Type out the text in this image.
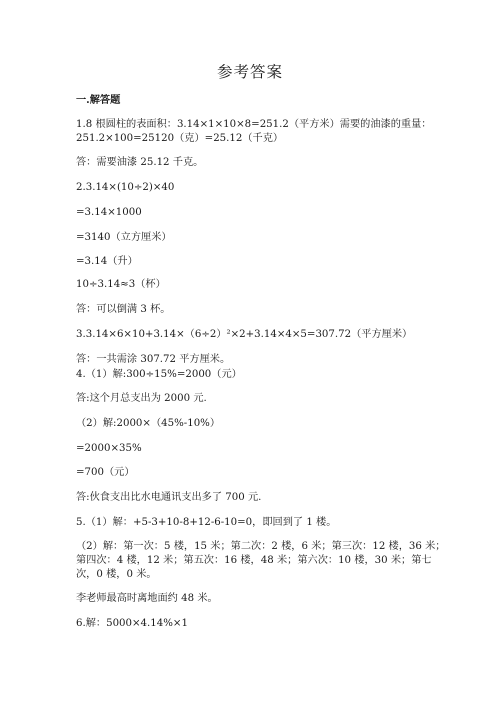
参考答案
一.解答题
1.8 根圆柱的表面积：3.14×1×10×8=251.2（平方米）需要的油漆的重量：
251.2×100=25120（克）=25.12（千克）
答：需要油漆 25.12 千克。
2.3.14×(10÷2)×40
=3.14×1000
=3140（立方厘米）
=3.14（升）
10÷3.14≈3（杯）
答：可以倒满 3 杯。
3.3.14×6×10+3.14×（6÷2）²×2+3.14×4×5=307.72（平方厘米）
答：一共需涂 307.72 平方厘米。
4.（1）解:300÷15%=2000（元）
答:这个月总支出为 2000 元.
（2）解:2000×（45%-10%）
=2000×35%
=700（元）
答:伙食支出比水电通讯支出多了 700 元.
5.（1）解：+5-3+10-8+12-6-10=0，即回到了 1 楼。
（2）解：第一次：5 楼，15 米；第二次：2 楼，6 米；第三次：12 楼，36 米；
第四次：4 楼，12 米；第五次：16 楼，48 米；第六次：10 楼，30 米；第七
次，0 楼，0 米。
李老师最高时离地面约 48 米。
6.解：5000×4.14%×1
